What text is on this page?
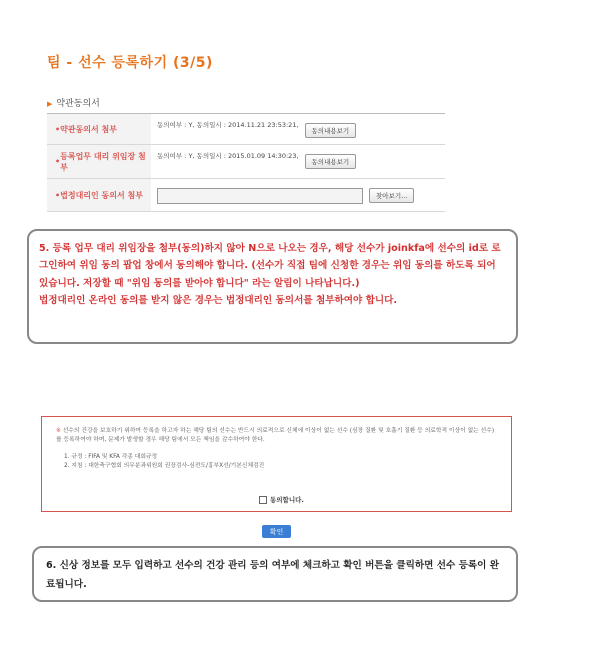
팀 - 선수 등록하기 (3/5)
▶ 약관동의서
• 약관동의서 첨부	동의여부 : Y, 동의일시 : 2014.11.21 23:53:21,
동의내용보기
•
등록업무 대리 위임장 첨부
동의여부 : Y, 동의일시 : 2015.01.09 14:30:23,
동의내용보기
• 법정대리인 동의서 첨부	찾아보기...

5. 등록 업무 대리 위임장을 첨부(동의)하지 않아 N으로 나오는 경우, 해당 선수가 joinkfa에 선수의 id로 로그인하여 위임 동의 팝업 창에서 동의해야 합니다. (선수가 직접 팀에 신청한 경우는 위임 동의를 하도록 되어 있습니다. 저장할 때 "위임 동의를 받아야 합니다" 라는 알림이 나타납니다.)

법정대리인 온라인 동의를 받지 않은 경우는 법정대리인 동의서를 첨부하여야 합니다.

※ 선수의 건강을 보호하기 위하여 등록을 하고자 하는 해당 팀의 선수는 반드시 의료적으로 신체에 이상이 없는 선수 (심장 질환 및 호흡기 질환 등 의료학적 이상이 없는 선수)를 등록하여야 하며, 문제가 발생할 경우 해당 팀에서 모든 책임을 감수하여야 한다.

1. 규정 : FIFA 및 KFA 각종 대회규정
2. 지침 : 대한축구협회 의무분과위원회 권장검사-심전도/흉부X선/기본신체검진
동의합니다.
확인

6. 신상 정보를 모두 입력하고 선수의 건강 관리 등의 여부에 체크하고 확인 버튼을 클릭하면 선수 등록이 완료됩니다.
